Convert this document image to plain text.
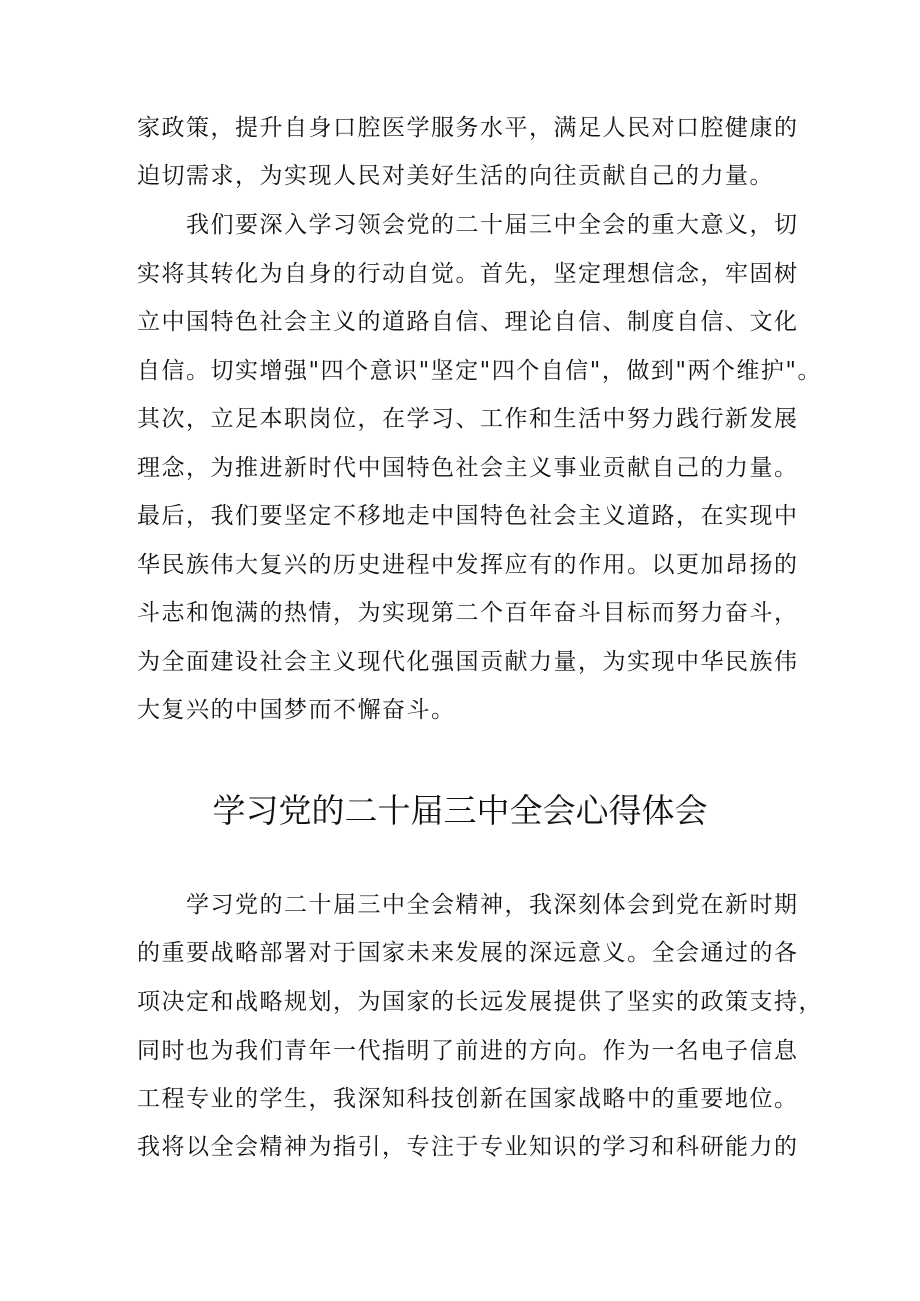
家政策，提升自身口腔医学服务水平，满足人民对口腔健康的
迫切需求，为实现人民对美好生活的向往贡献自己的力量。
我们要深入学习领会党的二十届三中全会的重大意义，切
实将其转化为自身的行动自觉。首先，坚定理想信念，牢固树
立中国特色社会主义的道路自信、理论自信、制度自信、文化
自信。切实增强"四个意识"坚定"四个自信"，做到"两个维护"。
其次，立足本职岗位，在学习、工作和生活中努力践行新发展
理念，为推进新时代中国特色社会主义事业贡献自己的力量。
最后，我们要坚定不移地走中国特色社会主义道路，在实现中
华民族伟大复兴的历史进程中发挥应有的作用。以更加昂扬的
斗志和饱满的热情，为实现第二个百年奋斗目标而努力奋斗，
为全面建设社会主义现代化强国贡献力量，为实现中华民族伟
大复兴的中国梦而不懈奋斗。
学习党的二十届三中全会心得体会
学习党的二十届三中全会精神，我深刻体会到党在新时期
的重要战略部署对于国家未来发展的深远意义。全会通过的各
项决定和战略规划，为国家的长远发展提供了坚实的政策支持，
同时也为我们青年一代指明了前进的方向。作为一名电子信息
工程专业的学生，我深知科技创新在国家战略中的重要地位。
我将以全会精神为指引，专注于专业知识的学习和科研能力的
